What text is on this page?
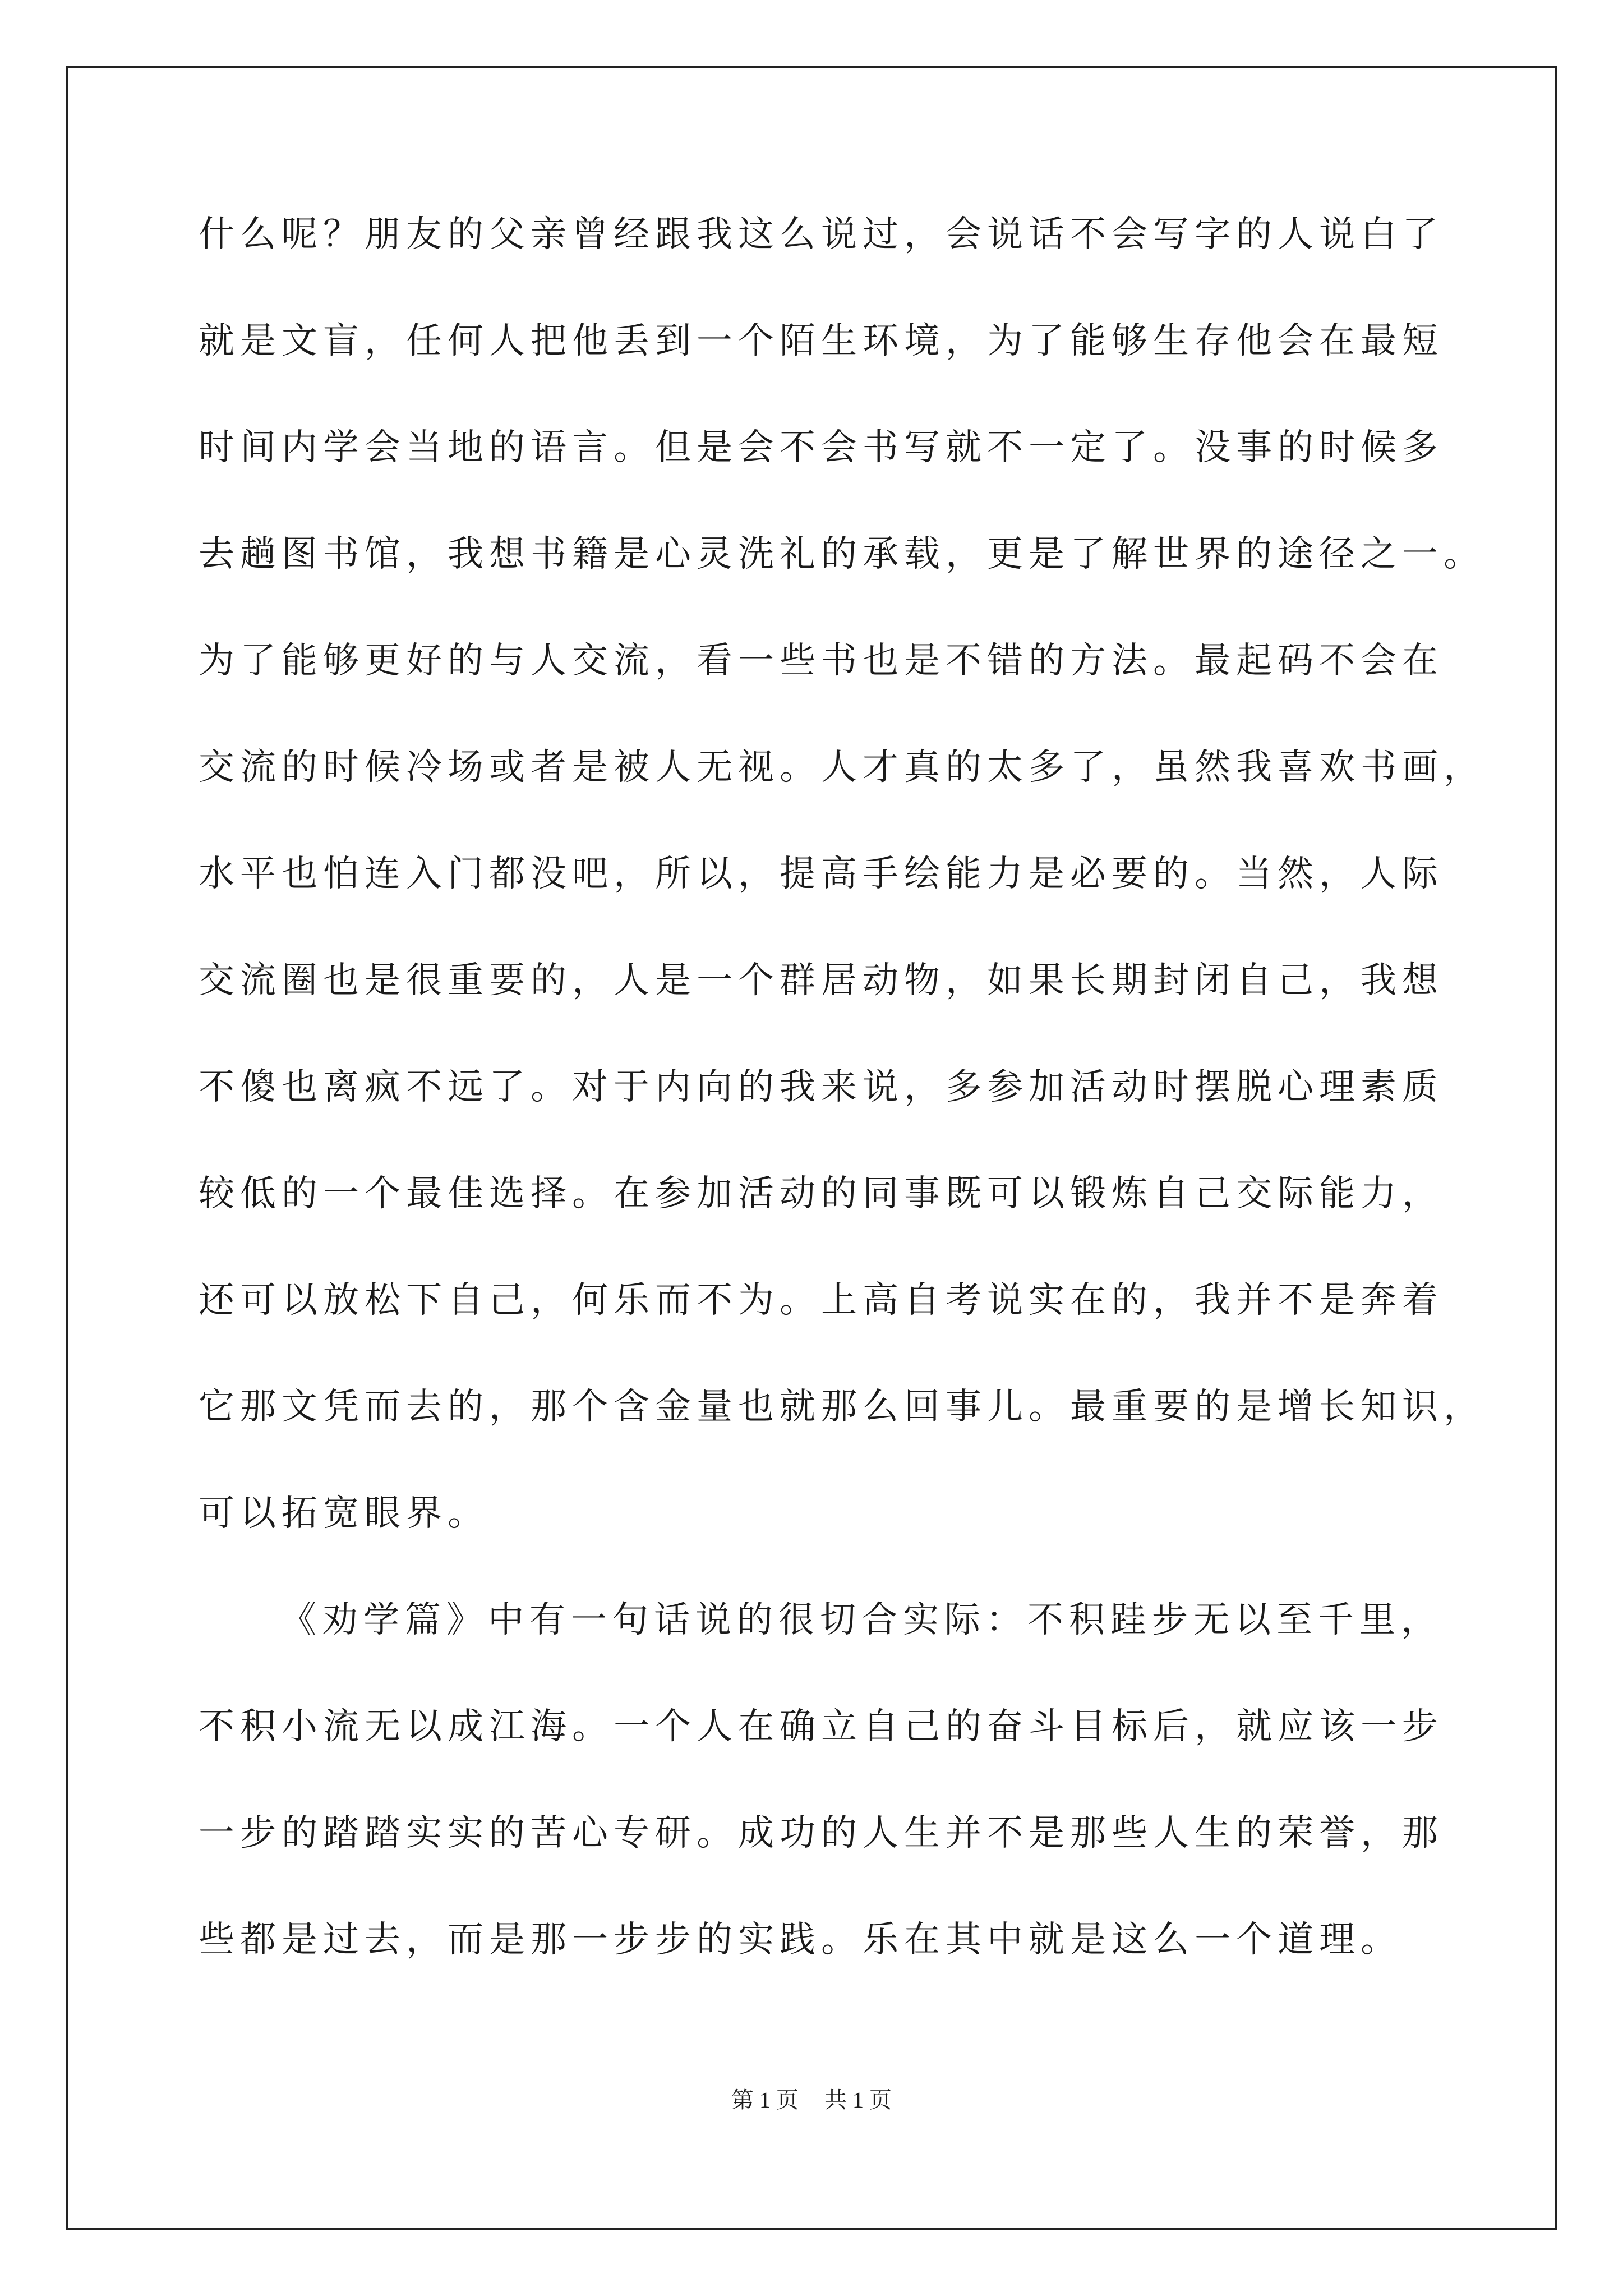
什么呢？朋友的父亲曾经跟我这么说过，会说话不会写字的人说白了
就是文盲，任何人把他丢到一个陌生环境，为了能够生存他会在最短
时间内学会当地的语言。但是会不会书写就不一定了。没事的时候多
去趟图书馆，我想书籍是心灵洗礼的承载，更是了解世界的途径之一。
为了能够更好的与人交流，看一些书也是不错的方法。最起码不会在
交流的时候冷场或者是被人无视。人才真的太多了，虽然我喜欢书画，
水平也怕连入门都没吧，所以，提高手绘能力是必要的。当然，人际
交流圈也是很重要的，人是一个群居动物，如果长期封闭自己，我想
不傻也离疯不远了。对于内向的我来说，多参加活动时摆脱心理素质
较低的一个最佳选择。在参加活动的同事既可以锻炼自己交际能力，
还可以放松下自己，何乐而不为。上高自考说实在的，我并不是奔着
它那文凭而去的，那个含金量也就那么回事儿。最重要的是增长知识，
可以拓宽眼界。
《劝学篇》中有一句话说的很切合实际：不积跬步无以至千里，
不积小流无以成江海。一个人在确立自己的奋斗目标后，就应该一步
一步的踏踏实实的苦心专研。成功的人生并不是那些人生的荣誉，那
些都是过去，而是那一步步的实践。乐在其中就是这么一个道理。
第 1 页 共 1 页
